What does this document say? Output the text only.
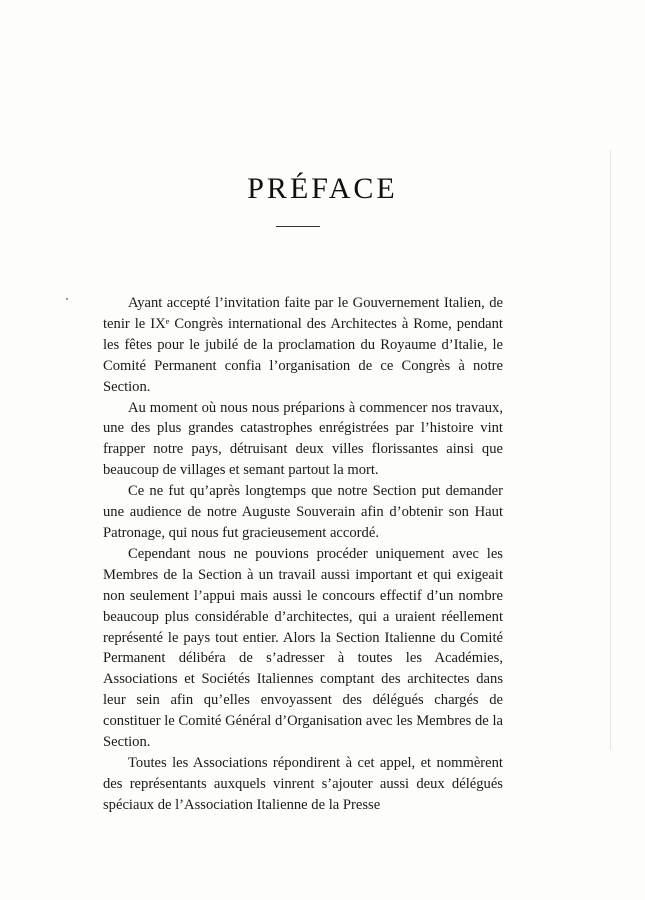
PRÉFACE

Ayant accepté l’invitation faite par le Gouvernement Italien, de tenir le IXᵉ Congrès international des Architectes à Rome, pendant les fêtes pour le jubilé de la proclamation du Royaume d’Italie, le Comité Permanent confia l’organisation de ce Congrès à notre Section.

Au moment où nous nous préparions à commencer nos travaux, une des plus grandes catastrophes enrégistrées par l’histoire vint frapper notre pays, détruisant deux villes florissantes ainsi que beaucoup de villages et semant partout la mort.

Ce ne fut qu’après longtemps que notre Section put demander une audience de notre Auguste Souverain afin d’obtenir son Haut Patronage, qui nous fut gracieusement accordé.

Cependant nous ne pouvions procéder uniquement avec les Membres de la Section à un travail aussi important et qui exigeait non seulement l’appui mais aussi le concours effectif d’un nombre beaucoup plus considérable d’architectes, qui a uraient réellement représenté le pays tout entier. Alors la Section Italienne du Comité Permanent délibéra de s’adresser à toutes les Académies, Associations et Sociétés Italiennes comptant des architectes dans leur sein afin qu’elles envoyassent des délégués chargés de constituer le Comité Général d’Organisation avec les Membres de la Section.

Toutes les Associations répondirent à cet appel, et nommèrent des représentants auxquels vinrent s’ajouter aussi deux délégués spéciaux de l’Association Italienne de la Presse
